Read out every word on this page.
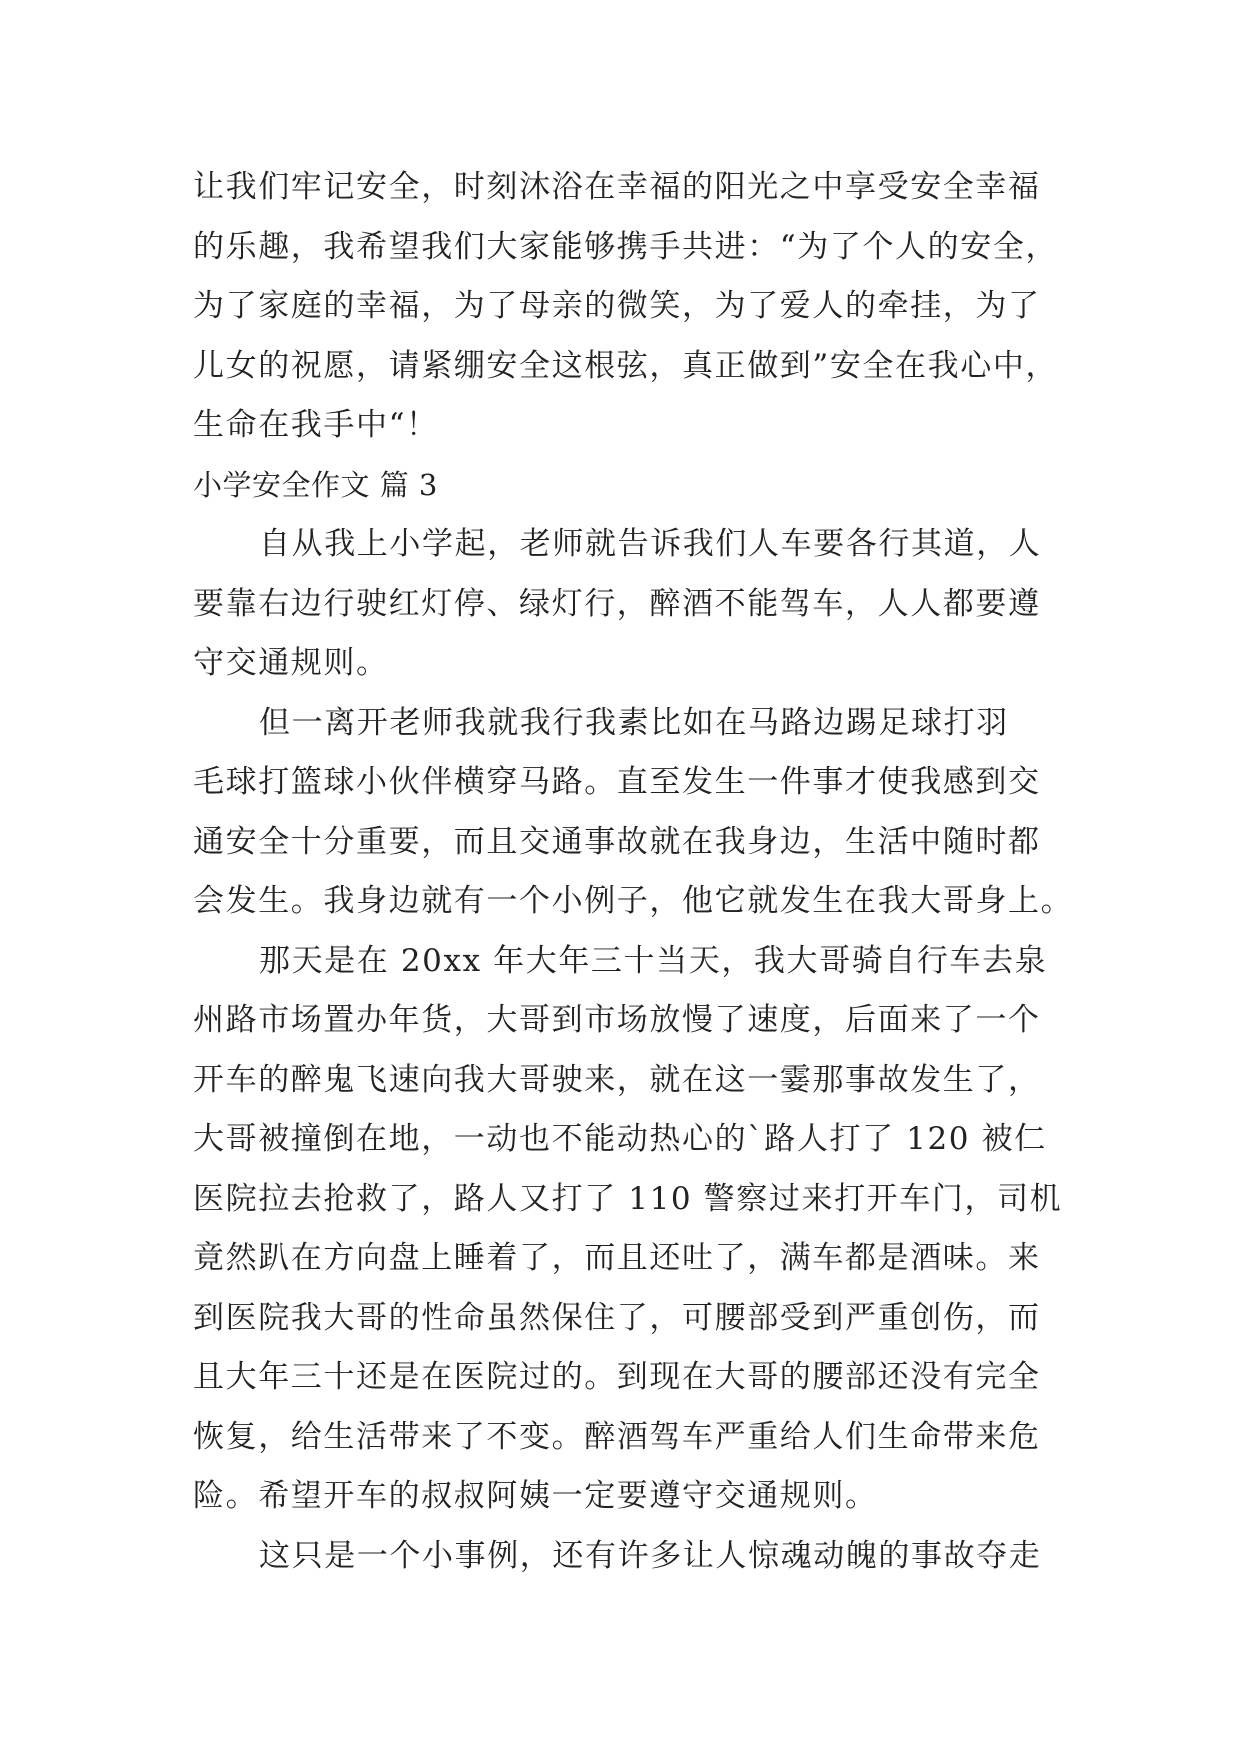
让我们牢记安全，时刻沐浴在幸福的阳光之中享受安全幸福
的乐趣，我希望我们大家能够携手共进：“为了个人的安全，
为了家庭的幸福，为了母亲的微笑，为了爱人的牵挂，为了
儿女的祝愿，请紧绷安全这根弦，真正做到”安全在我心中，
生命在我手中“！
小学安全作文 篇 3
自从我上小学起，老师就告诉我们人车要各行其道，人
要靠右边行驶红灯停、绿灯行，醉酒不能驾车，人人都要遵
守交通规则。
但一离开老师我就我行我素比如在马路边踢足球打羽
毛球打篮球小伙伴横穿马路。直至发生一件事才使我感到交
通安全十分重要，而且交通事故就在我身边，生活中随时都
会发生。我身边就有一个小例子，他它就发生在我大哥身上。
那天是在 20xx 年大年三十当天，我大哥骑自行车去泉
州路市场置办年货，大哥到市场放慢了速度，后面来了一个
开车的醉鬼飞速向我大哥驶来，就在这一霎那事故发生了，
大哥被撞倒在地，一动也不能动热心的`路人打了 120 被仁
医院拉去抢救了，路人又打了 110 警察过来打开车门，司机
竟然趴在方向盘上睡着了，而且还吐了，满车都是酒味。来
到医院我大哥的性命虽然保住了，可腰部受到严重创伤，而
且大年三十还是在医院过的。到现在大哥的腰部还没有完全
恢复，给生活带来了不变。醉酒驾车严重给人们生命带来危
险。希望开车的叔叔阿姨一定要遵守交通规则。
这只是一个小事例，还有许多让人惊魂动魄的事故夺走
